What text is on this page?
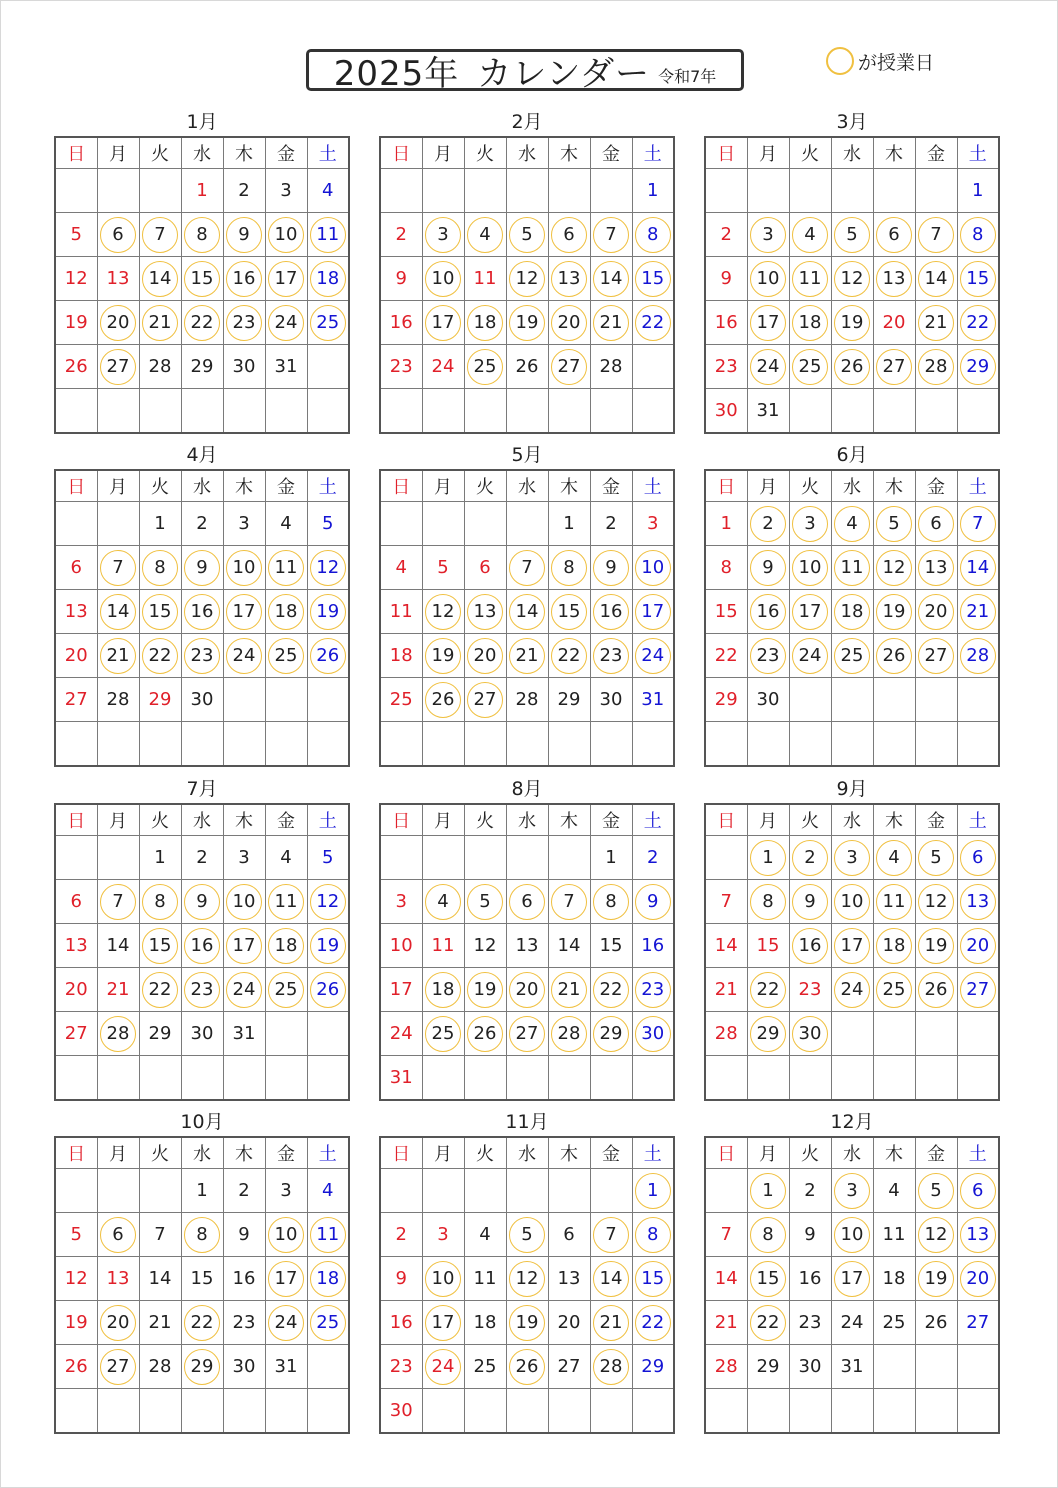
2025年 カレンダー 令和7年
が授業日
1月
日	月	火	水	木	金	土
			1	2	3	4
5	6	7	8	9	10	11
12	13	14	15	16	17	18
19	20	21	22	23	24	25
26	27	28	29	30	31	

2月
日	月	火	水	木	金	土
						1
2	3	4	5	6	7	8
9	10	11	12	13	14	15
16	17	18	19	20	21	22
23	24	25	26	27	28	

3月
日	月	火	水	木	金	土
						1
2	3	4	5	6	7	8
9	10	11	12	13	14	15
16	17	18	19	20	21	22
23	24	25	26	27	28	29
30	31					
4月
日	月	火	水	木	金	土
		1	2	3	4	5
6	7	8	9	10	11	12
13	14	15	16	17	18	19
20	21	22	23	24	25	26
27	28	29	30			

5月
日	月	火	水	木	金	土
				1	2	3
4	5	6	7	8	9	10
11	12	13	14	15	16	17
18	19	20	21	22	23	24
25	26	27	28	29	30	31

6月
日	月	火	水	木	金	土
1	2	3	4	5	6	7
8	9	10	11	12	13	14
15	16	17	18	19	20	21
22	23	24	25	26	27	28
29	30					

7月
日	月	火	水	木	金	土
		1	2	3	4	5
6	7	8	9	10	11	12
13	14	15	16	17	18	19
20	21	22	23	24	25	26
27	28	29	30	31		

8月
日	月	火	水	木	金	土
					1	2
3	4	5	6	7	8	9
10	11	12	13	14	15	16
17	18	19	20	21	22	23
24	25	26	27	28	29	30
31						
9月
日	月	火	水	木	金	土
	1	2	3	4	5	6
7	8	9	10	11	12	13
14	15	16	17	18	19	20
21	22	23	24	25	26	27
28	29	30				

10月
日	月	火	水	木	金	土
			1	2	3	4
5	6	7	8	9	10	11
12	13	14	15	16	17	18
19	20	21	22	23	24	25
26	27	28	29	30	31	

11月
日	月	火	水	木	金	土
						1
2	3	4	5	6	7	8
9	10	11	12	13	14	15
16	17	18	19	20	21	22
23	24	25	26	27	28	29
30						
12月
日	月	火	水	木	金	土
	1	2	3	4	5	6
7	8	9	10	11	12	13
14	15	16	17	18	19	20
21	22	23	24	25	26	27
28	29	30	31			
